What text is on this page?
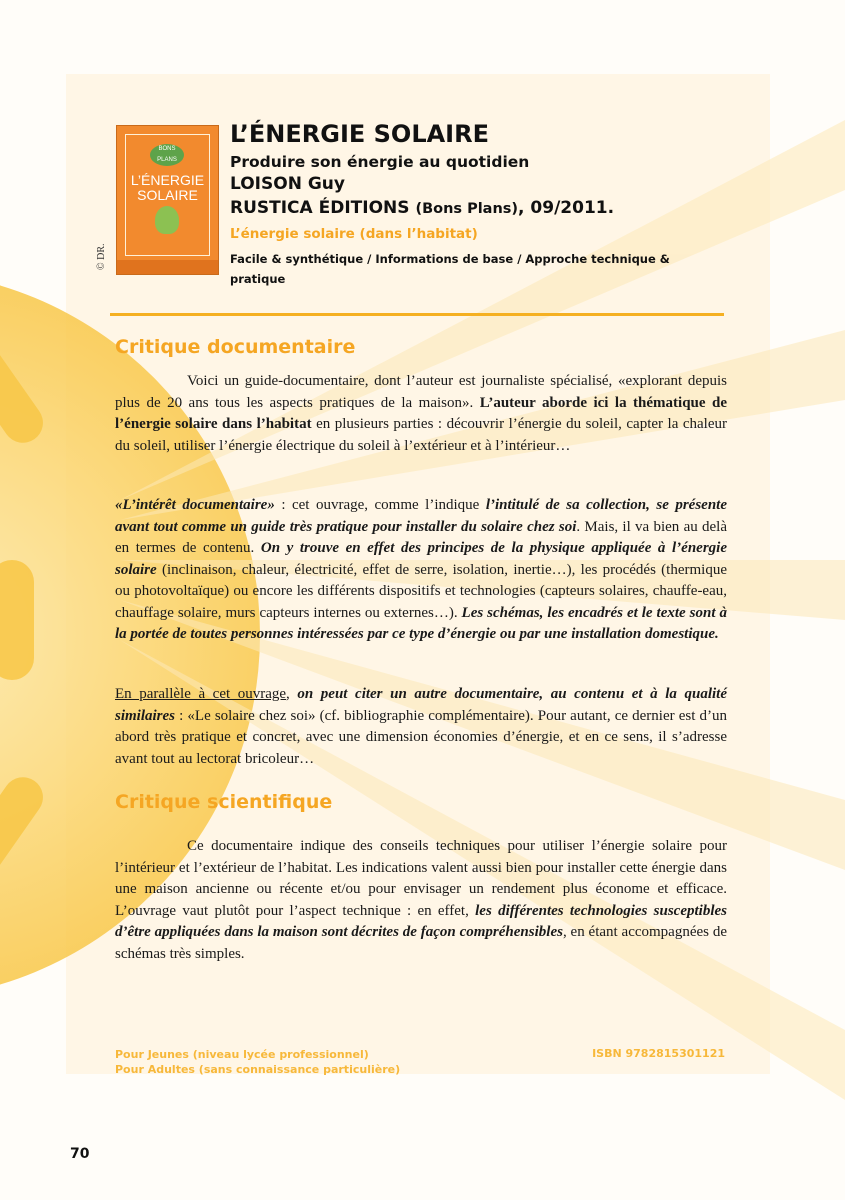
BONS PLANS
L’ÉNERGIE
SOLAIRE
© DR.
L’ÉNERGIE SOLAIRE
Produire son énergie au quotidien
LOISON Guy
RUSTICA ÉDITIONS (Bons Plans), 09/2011.
L’énergie solaire (dans l’habitat)
Facile & synthétique / Informations de base / Approche technique & pratique
Critique documentaire

Voici un guide-documentaire, dont l’auteur est journaliste spécialisé, «explorant depuis plus de 20 ans tous les aspects pratiques de la maison». L’auteur aborde ici la thématique de l’énergie solaire dans l’habitat en plusieurs parties : découvrir l’énergie du soleil, capter la chaleur du soleil, utiliser l’énergie électrique du soleil à l’extérieur et à l’intérieur…

«L’intérêt documentaire» : cet ouvrage, comme l’indique l’intitulé de sa collection, se présente avant tout comme un guide très pratique pour installer du solaire chez soi. Mais, il va bien au delà en termes de contenu. On y trouve en effet des principes de la physique appliquée à l’énergie solaire (inclinaison, chaleur, électricité, effet de serre, isolation, inertie…), les procédés (thermique ou photovoltaïque) ou encore les différents dispositifs et technologies (capteurs solaires, chauffe-eau, chauffage solaire, murs capteurs internes ou externes…). Les schémas, les encadrés et le texte sont à la portée de toutes personnes intéressées par ce type d’énergie ou par une installation domestique.

En parallèle à cet ouvrage, on peut citer un autre documentaire, au contenu et à la qualité similaires : «Le solaire chez soi» (cf. bibliographie complémentaire). Pour autant, ce dernier est d’un abord très pratique et concret, avec une dimension économies d’énergie, et en ce sens, il s’adresse avant tout au lectorat bricoleur…

Critique scientifique

Ce documentaire indique des conseils techniques pour utiliser l’énergie solaire pour l’intérieur et l’extérieur de l’habitat. Les indications valent aussi bien pour installer cette énergie dans une maison ancienne ou récente et/ou pour envisager un rendement plus économe et efficace. L’ouvrage vaut plutôt pour l’aspect technique : en effet, les différentes technologies susceptibles d’être appliquées dans la maison sont décrites de façon compréhensibles, en étant accompagnées de schémas très simples.

Pour Jeunes (niveau lycée professionnel)
Pour Adultes (sans connaissance particulière)
ISBN 9782815301121
70
